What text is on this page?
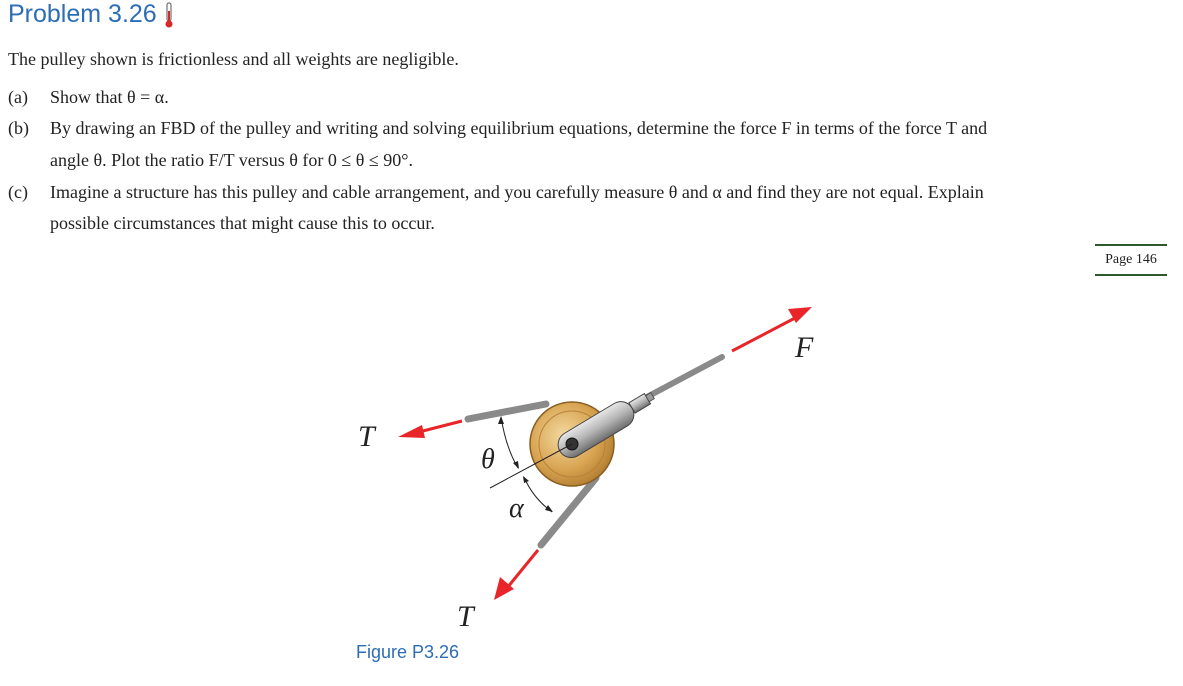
Problem 3.26
The pulley shown is frictionless and all weights are negligible.
(a) Show that θ = α.
(b) By drawing an FBD of the pulley and writing and solving equilibrium equations, determine the force F in terms of the force T and
angle θ. Plot the ratio F/T versus θ for 0 ≤ θ ≤ 90°.
(c) Imagine a structure has this pulley and cable arrangement, and you carefully measure θ and α and find they are not equal. Explain
possible circumstances that might cause this to occur.
Page 146
T
T
F
θ
α
Figure P3.26
